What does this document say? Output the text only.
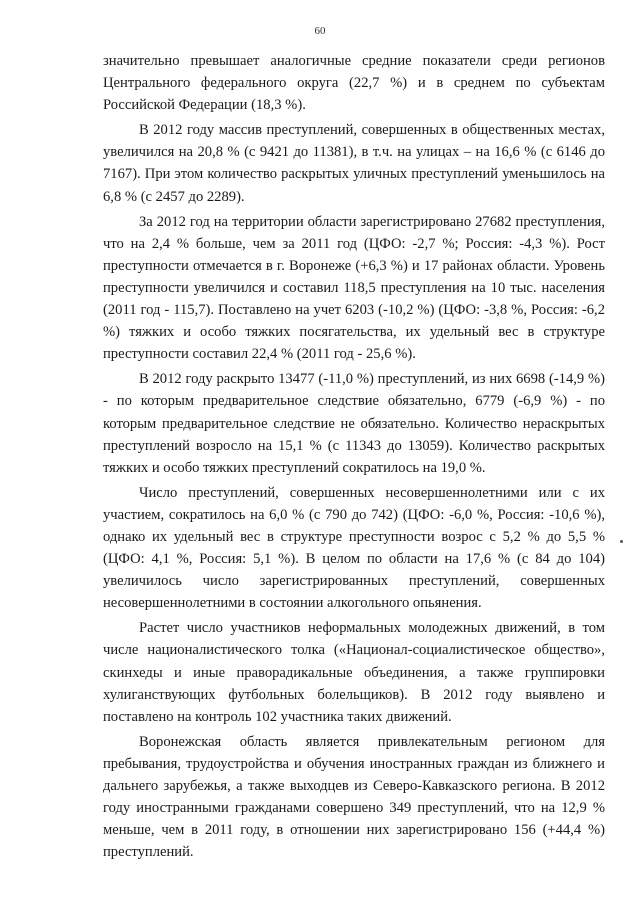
60

значительно превышает аналогичные средние показатели среди регионов Центрального федерального округа (22,7 %) и в среднем по субъектам Российской Федерации (18,3 %).

В 2012 году массив преступлений, совершенных в общественных местах, увеличился на 20,8 % (с 9421 до 11381), в т.ч. на улицах – на 16,6 % (с 6146 до 7167). При этом количество раскрытых уличных преступлений уменьшилось на 6,8 % (с 2457 до 2289).

За 2012 год на территории области зарегистрировано 27682 преступления, что на 2,4 % больше, чем за 2011 год (ЦФО: -2,7 %; Россия: -4,3 %). Рост преступности отмечается в г. Воронеже (+6,3 %) и 17 районах области. Уровень преступности увеличился и составил 118,5 преступления на 10 тыс. населения (2011 год - 115,7). Поставлено на учет 6203 (-10,2 %) (ЦФО: -3,8 %, Россия: -6,2 %) тяжких и особо тяжких посягательства, их удельный вес в структуре преступности составил 22,4 % (2011 год - 25,6 %).

В 2012 году раскрыто 13477 (-11,0 %) преступлений, из них 6698 (-14,9 %) - по которым предварительное следствие обязательно, 6779 (-6,9 %) - по которым предварительное следствие не обязательно. Количество нераскрытых преступлений возросло на 15,1 % (с 11343 до 13059). Количество раскрытых тяжких и особо тяжких преступлений сократилось на 19,0 %.

Число преступлений, совершенных несовершеннолетними или с их участием, сократилось на 6,0 % (с 790 до 742) (ЦФО: -6,0 %, Россия: -10,6 %), однако их удельный вес в структуре преступности возрос с 5,2 % до 5,5 % (ЦФО: 4,1 %, Россия: 5,1 %). В целом по области на 17,6 % (с 84 до 104) увеличилось число зарегистрированных преступлений, совершенных несовершеннолетними в состоянии алкогольного опьянения.

Растет число участников неформальных молодежных движений, в том числе националистического толка («Национал-социалистическое общество», скинхеды и иные праворадикальные объединения, а также группировки хулиганствующих футбольных болельщиков). В 2012 году выявлено и поставлено на контроль 102 участника таких движений.

Воронежская область является привлекательным регионом для пребывания, трудоустройства и обучения иностранных граждан из ближнего и дальнего зарубежья, а также выходцев из Северо-Кавказского региона. В 2012 году иностранными гражданами совершено 349 преступлений, что на 12,9 % меньше, чем в 2011 году, в отношении них зарегистрировано 156 (+44,4 %) преступлений.
